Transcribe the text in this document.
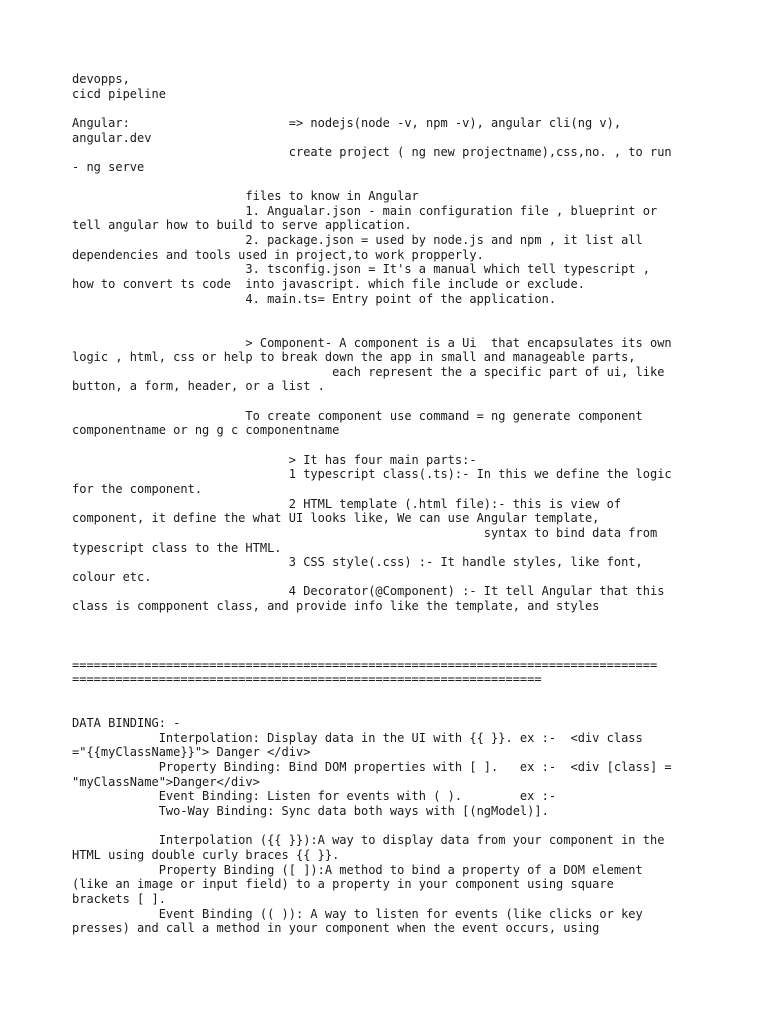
devopps,
cicd pipeline
Angular:                      => nodejs(node -v, npm -v), angular cli(ng v),
angular.dev
create project ( ng new projectname),css,no. , to run
- ng serve
files to know in Angular
1. Angualar.json - main configuration file , blueprint or
tell angular how to build to serve application.
2. package.json = used by node.js and npm , it list all
dependencies and tools used in project,to work propperly.
3. tsconfig.json = It's a manual which tell typescript ,
how to convert ts code  into javascript. which file include or exclude.
4. main.ts= Entry point of the application.
> Component- A component is a Ui  that encapsulates its own
logic , html, css or help to break down the app in small and manageable parts,
each represent the a specific part of ui, like
button, a form, header, or a list .
To create component use command = ng generate component
componentname or ng g c componentname
> It has four main parts:-
1 typescript class(.ts):- In this we define the logic
for the component.
2 HTML template (.html file):- this is view of
component, it define the what UI looks like, We can use Angular template,
syntax to bind data from
typescript class to the HTML.
3 CSS style(.css) :- It handle styles, like font,
colour etc.
4 Decorator(@Component) :- It tell Angular that this
class is compponent class, and provide info like the template, and styles
=================================================================================
=================================================================
DATA BINDING: -
Interpolation: Display data in the UI with {{ }}. ex :-  <div class
="{{myClassName}}"> Danger </div>
Property Binding: Bind DOM properties with [ ].   ex :-  <div [class] =
"myClassName">Danger</div>
Event Binding: Listen for events with ( ).        ex :-
Two-Way Binding: Sync data both ways with [(ngModel)].
Interpolation ({{ }}):A way to display data from your component in the
HTML using double curly braces {{ }}.
Property Binding ([ ]):A method to bind a property of a DOM element
(like an image or input field) to a property in your component using square
brackets [ ].
Event Binding (( )): A way to listen for events (like clicks or key
presses) and call a method in your component when the event occurs, using
